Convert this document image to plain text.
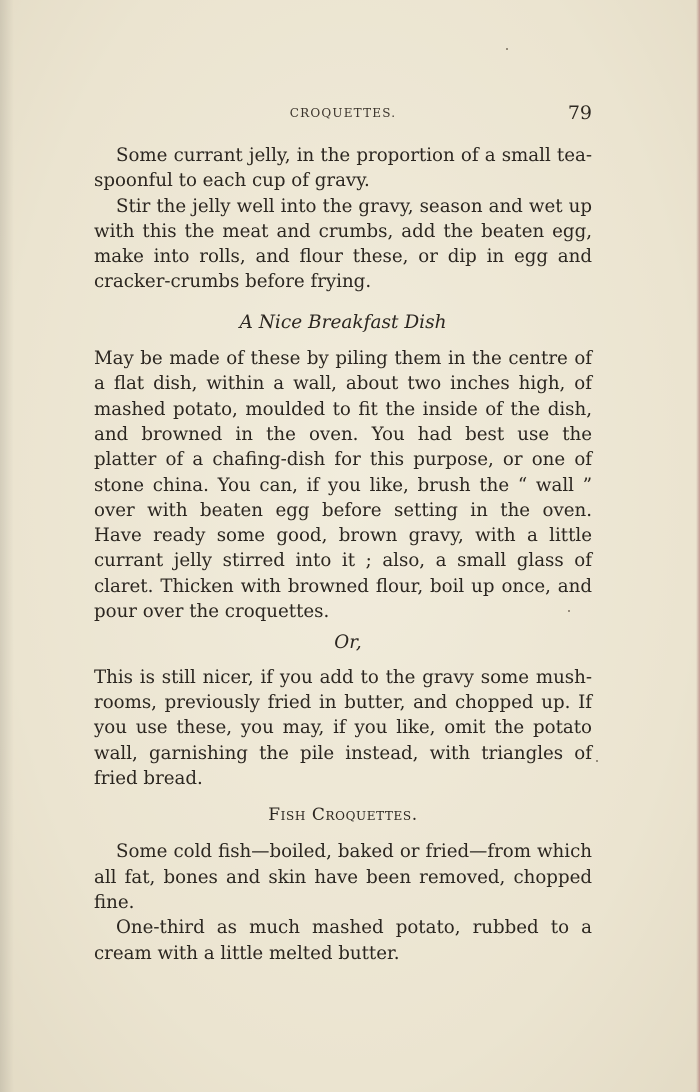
CROQUETTES.	79

Some currant jelly, in the proportion of a small tea-spoonful to each cup of gravy.

Stir the jelly well into the gravy, season and wet up with this the meat and crumbs, add the beaten egg, make into rolls, and flour these, or dip in egg and cracker-crumbs before frying.

A Nice Breakfast Dish

May be made of these by piling them in the centre of a flat dish, within a wall, about two inches high, of mashed potato, moulded to fit the inside of the dish, and browned in the oven. You had best use the platter of a chafing-dish for this purpose, or one of stone china. You can, if you like, brush the “ wall ” over with beaten egg before setting in the oven. Have ready some good, brown gravy, with a little currant jelly stirred into it ; also, a small glass of claret. Thicken with browned flour, boil up once, and pour over the croquettes.

Or,

This is still nicer, if you add to the gravy some mush-rooms, previously fried in butter, and chopped up. If you use these, you may, if you like, omit the potato wall, garnishing the pile instead, with triangles of fried bread.

Fish Croquettes.

Some cold fish—boiled, baked or fried—from which all fat, bones and skin have been removed, chopped fine.

One-third as much mashed potato, rubbed to a cream with a little melted butter.
